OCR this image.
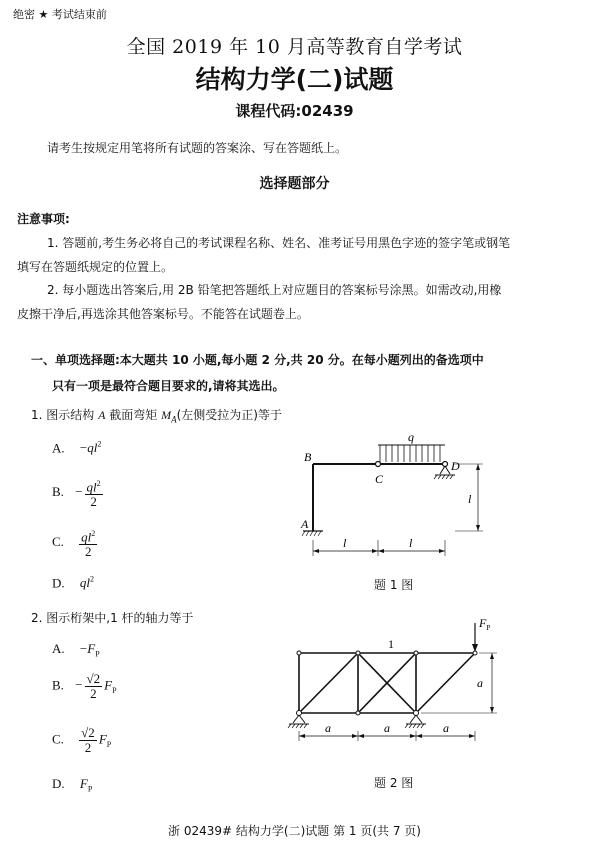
绝密 ★ 考试结束前
全国 2019 年 10 月高等教育自学考试
结构力学(二)试题
课程代码:02439
请考生按规定用笔将所有试题的答案涂、写在答题纸上。
选择题部分
注意事项:
1. 答题前,考生务必将自己的考试课程名称、姓名、准考证号用黑色字迹的签字笔或钢笔
填写在答题纸规定的位置上。
2. 每小题选出答案后,用 2B 铅笔把答题纸上对应题目的答案标号涂黑。如需改动,用橡
皮擦干净后,再选涂其他答案标号。不能答在试题卷上。
一、单项选择题:本大题共 10 小题,每小题 2 分,共 20 分。在每小题列出的备选项中
只有一项是最符合题目要求的,请将其选出。
1. 图示结构 A 截面弯矩 $M_A$(左侧受拉为正)等于
A. $-ql^2$
B. − $\frac{ql^2}{2}$
C. $\frac{ql^2}{2}$
D. $ql^2$
q
B
C
D
A
l
l	l
题 1 图
2. 图示桁架中,1 杆的轴力等于
A. $-F_P$
B. − $\frac{√2}{2} F_P$
C. $\frac{√2}{2} F_P$
D. $F_P$
$F_P$
1
a
a	a	a
题 2 图
浙 02439# 结构力学(二)试题 第 1 页(共 7 页)
